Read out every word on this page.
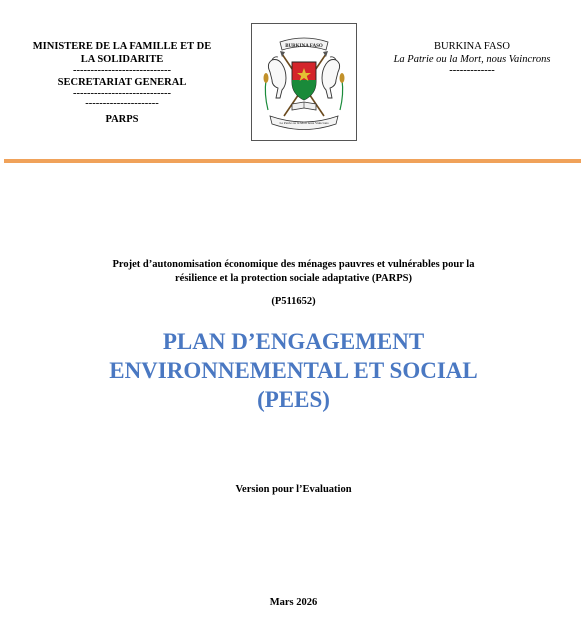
MINISTERE DE LA FAMILLE ET DE
LA SOLIDARITE
----------------------------
SECRETARIAT GENERAL
----------------------------
---------------------
PARPS
BURKINA FASO
La Patrie ou la Mort nous Vaincrons
BURKINA FASO
La Patrie ou la Mort, nous Vaincrons
-------------
Projet d’autonomisation économique des ménages pauvres et vulnérables pour la
résilience et la protection sociale adaptative (PARPS)
(P511652)
PLAN D’ENGAGEMENT
ENVIRONNEMENTAL ET SOCIAL
(PEES)
Version pour l’Evaluation
Mars 2026
